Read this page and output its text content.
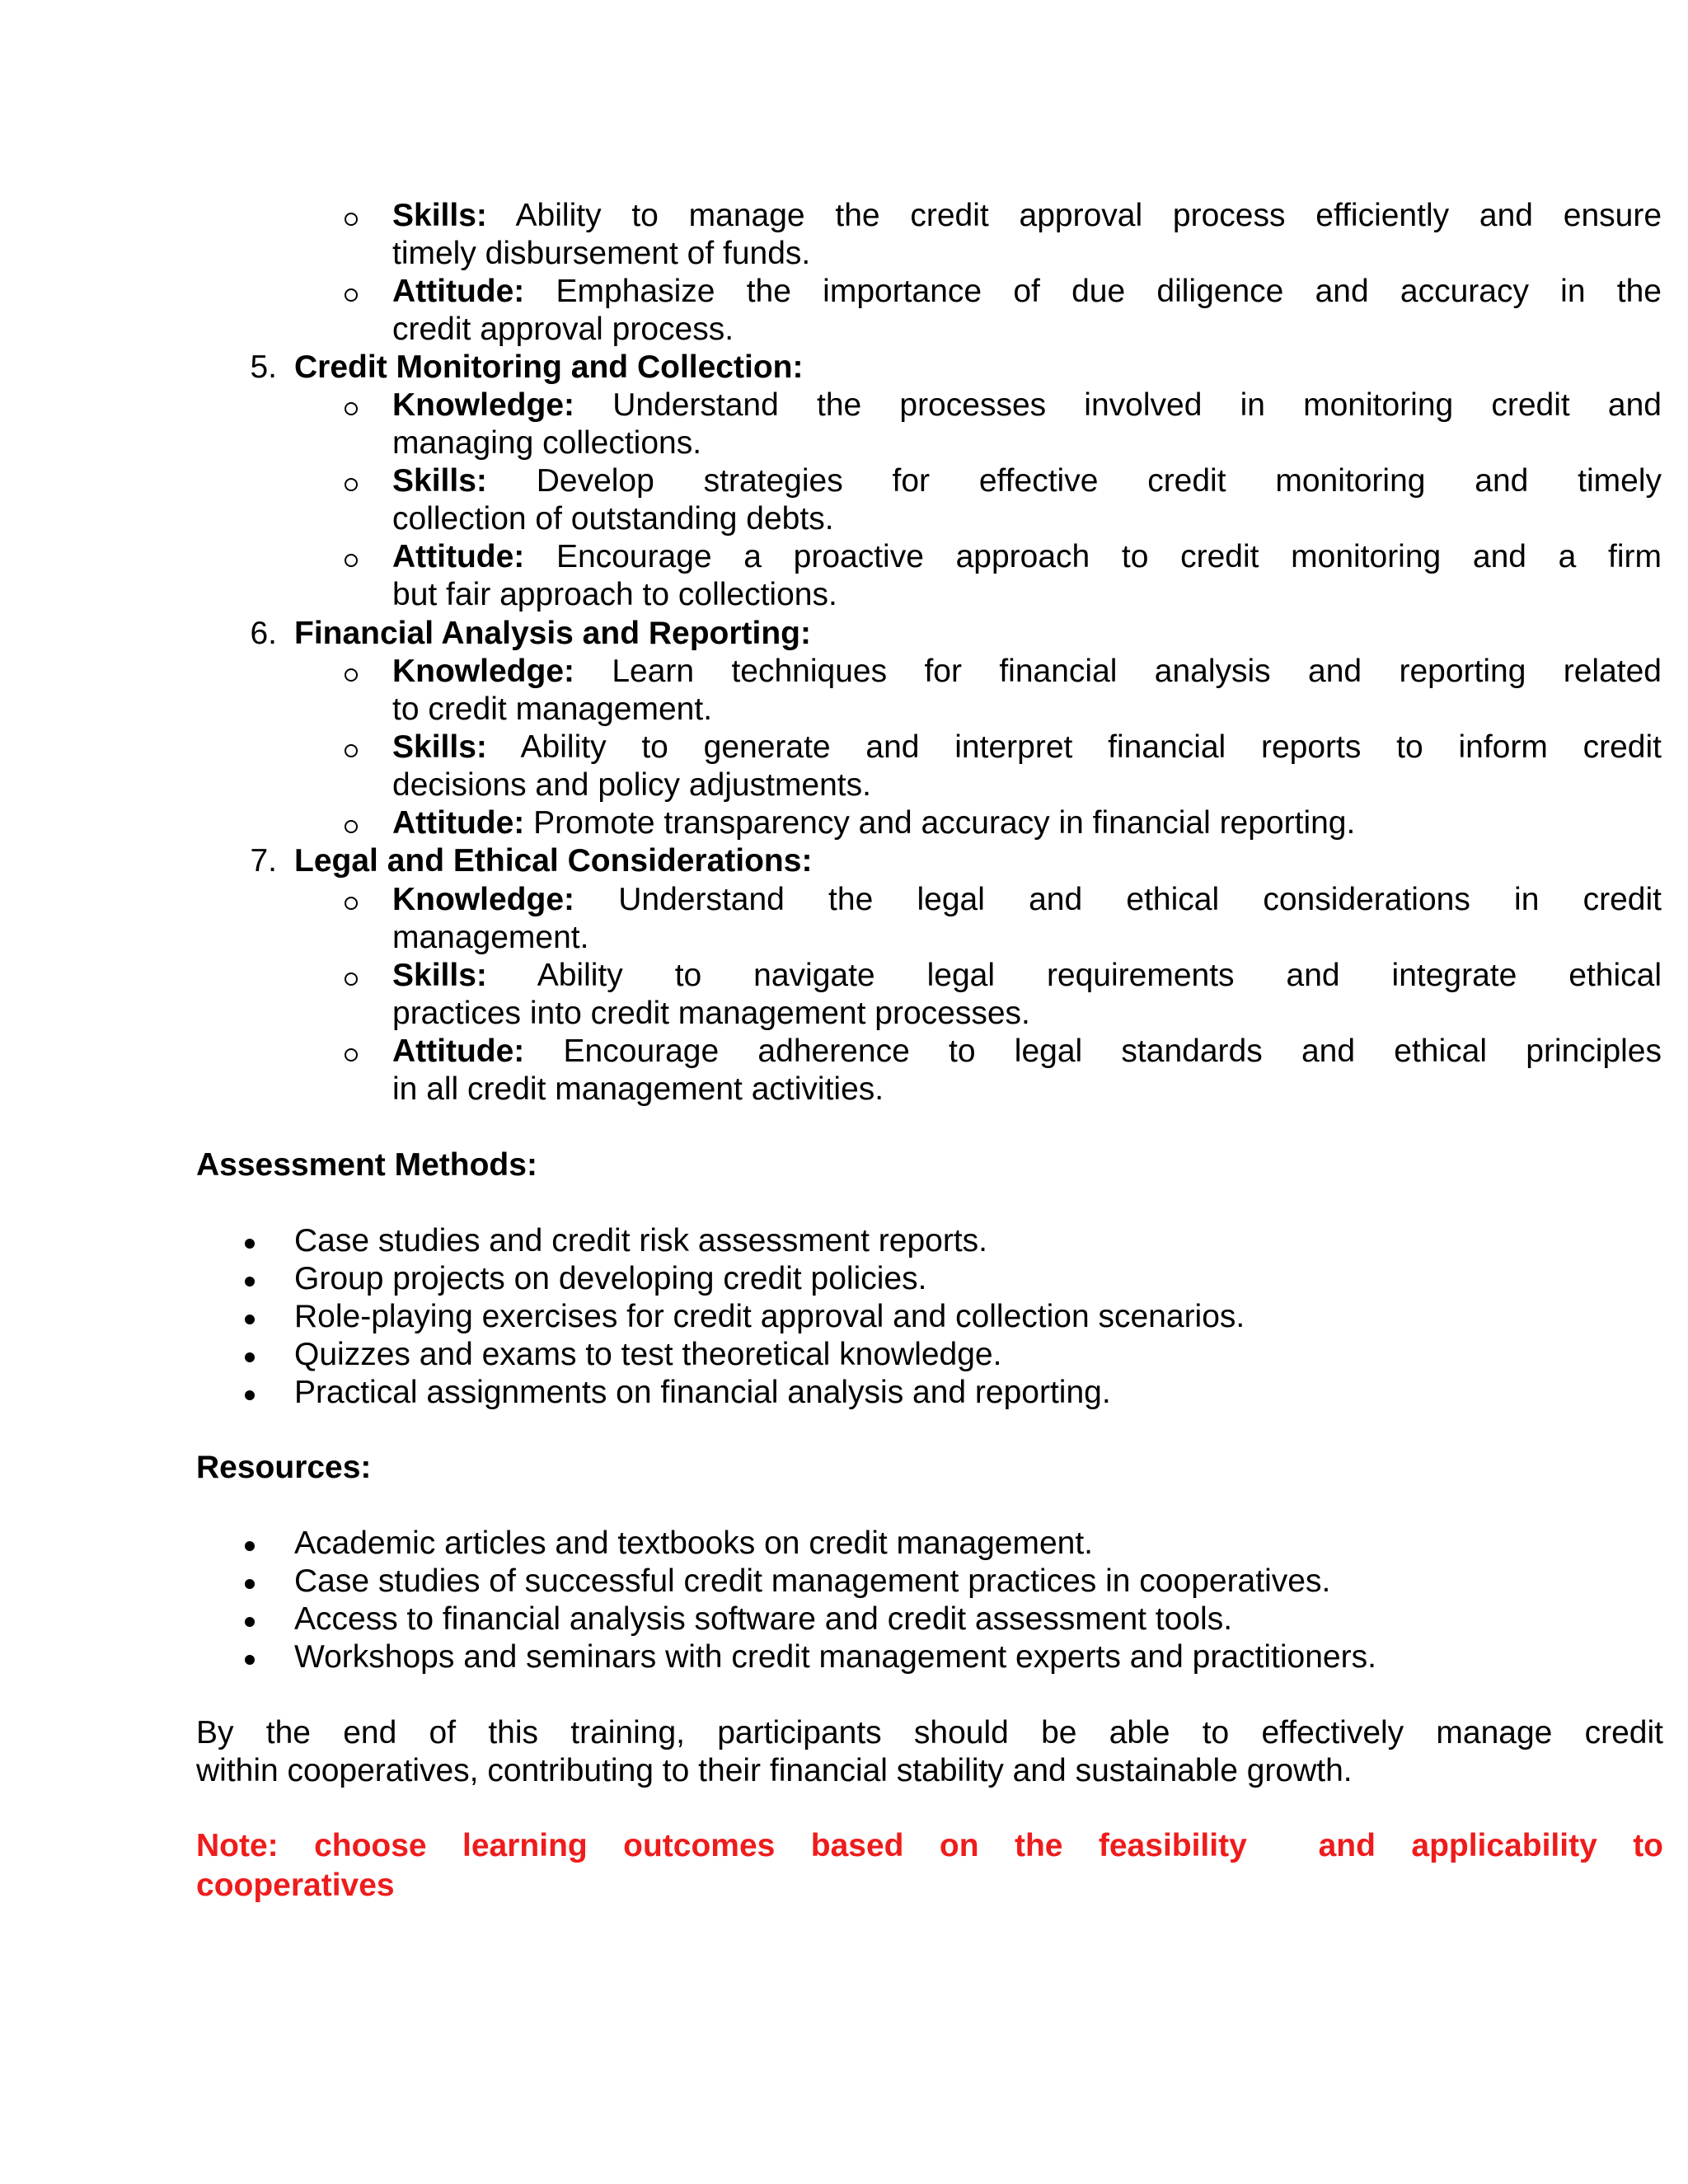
Skills: Ability to manage the credit approval process efficiently and ensure
timely disbursement of funds.
Attitude: Emphasize the importance of due diligence and accuracy in the
credit approval process.
5. Credit Monitoring and Collection:
Knowledge: Understand the processes involved in monitoring credit and
managing collections.
Skills: Develop strategies for effective credit monitoring and timely
collection of outstanding debts.
Attitude: Encourage a proactive approach to credit monitoring and a firm
but fair approach to collections.
6. Financial Analysis and Reporting:
Knowledge: Learn techniques for financial analysis and reporting related
to credit management.
Skills: Ability to generate and interpret financial reports to inform credit
decisions and policy adjustments.
Attitude: Promote transparency and accuracy in financial reporting.
7. Legal and Ethical Considerations:
Knowledge: Understand the legal and ethical considerations in credit
management.
Skills: Ability to navigate legal requirements and integrate ethical
practices into credit management processes.
Attitude: Encourage adherence to legal standards and ethical principles
in all credit management activities.
Assessment Methods:
Case studies and credit risk assessment reports.
Group projects on developing credit policies.
Role-playing exercises for credit approval and collection scenarios.
Quizzes and exams to test theoretical knowledge.
Practical assignments on financial analysis and reporting.
Resources:
Academic articles and textbooks on credit management.
Case studies of successful credit management practices in cooperatives.
Access to financial analysis software and credit assessment tools.
Workshops and seminars with credit management experts and practitioners.
By the end of this training, participants should be able to effectively manage credit
within cooperatives, contributing to their financial stability and sustainable growth.
Note: choose learning outcomes based on the feasibility  and applicability to
cooperatives
